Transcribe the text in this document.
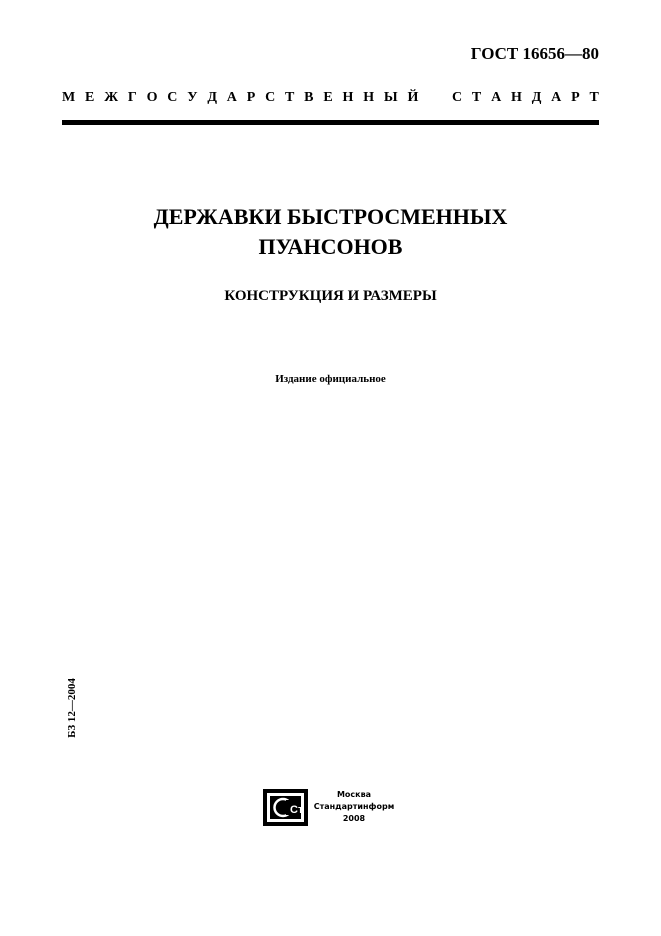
ГОСТ 16656—80
М Е Ж Г О С У Д А Р С Т В Е Н Н Ы Й С Т А Н Д А Р Т
ДЕРЖАВКИ БЫСТРОСМЕННЫХ
ПУАНСОНОВ
КОНСТРУКЦИЯ И РАЗМЕРЫ
Издание официальное
БЗ 12—2004
Ст
Москва
Стандартинформ
2008
